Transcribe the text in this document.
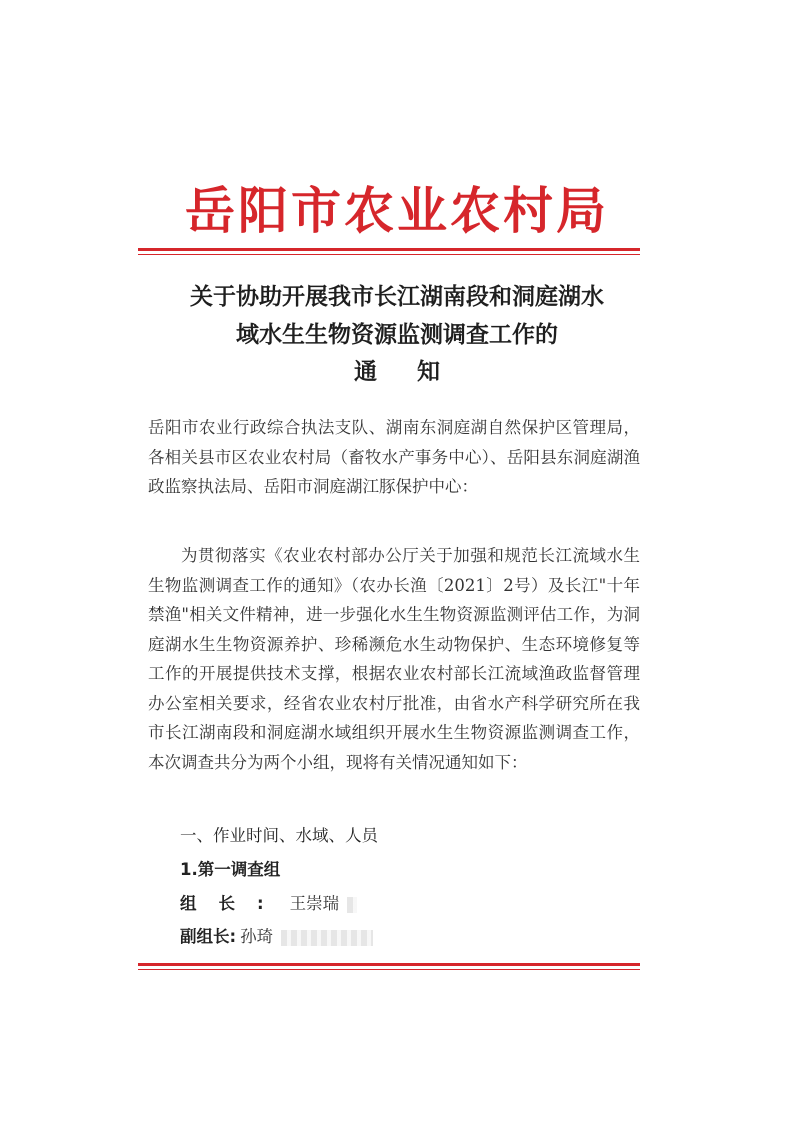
岳阳市农业农村局
关于协助开展我市长江湖南段和洞庭湖水
域水生生物资源监测调查工作的
通知

岳阳市农业行政综合执法支队、湖南东洞庭湖自然保护区管理局，各相关县市区农业农村局（畜牧水产事务中心）、岳阳县东洞庭湖渔政监察执法局、岳阳市洞庭湖江豚保护中心：

为贯彻落实《农业农村部办公厅关于加强和规范长江流域水生生物监测调查工作的通知》（农办长渔〔2021〕2号）及长江"十年禁渔"相关文件精神，进一步强化水生生物资源监测评估工作，为洞庭湖水生生物资源养护、珍稀濒危水生动物保护、生态环境修复等工作的开展提供技术支撑，根据农业农村部长江流域渔政监督管理办公室相关要求，经省农业农村厅批准，由省水产科学研究所在我市长江湖南段和洞庭湖水域组织开展水生生物资源监测调查工作，本次调查共分为两个小组，现将有关情况通知如下：

一、作业时间、水域、人员
1.第一调查组
组长: 王崇瑞
副组长: 孙琦
